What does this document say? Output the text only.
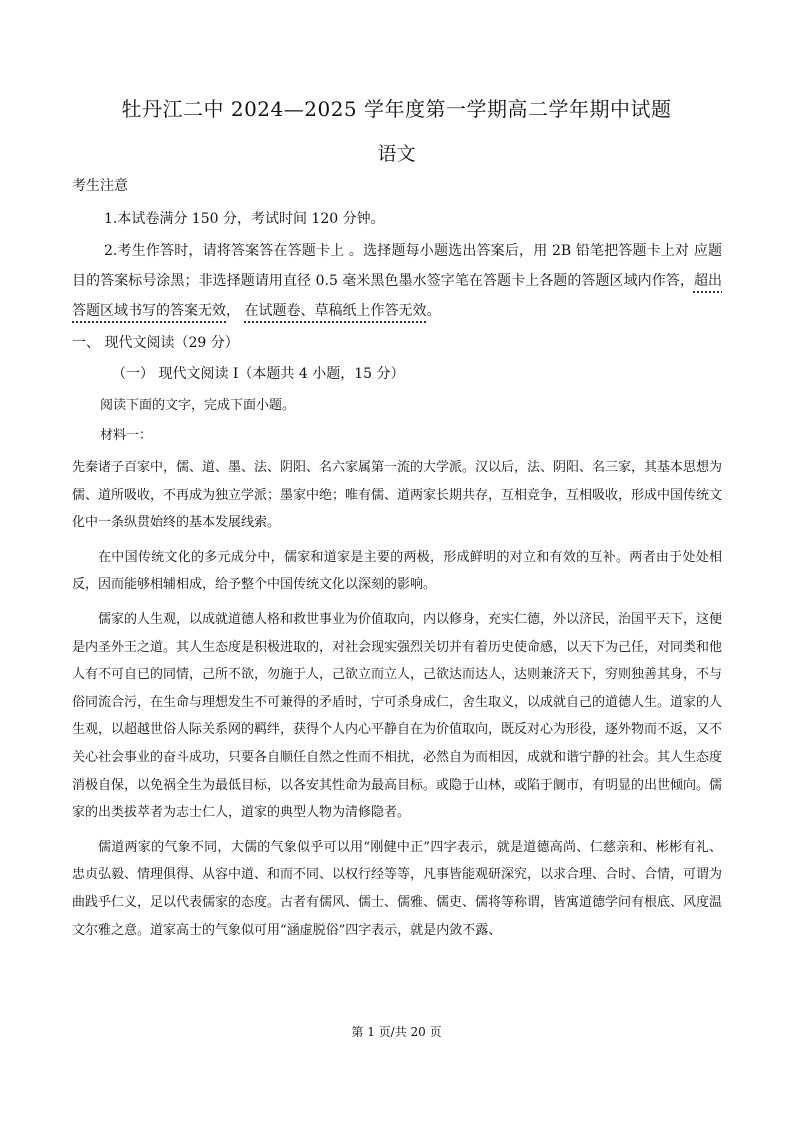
牡丹江二中 2024—2025 学年度第一学期高二学年期中试题
语文
考生注意
1.本试卷满分 150 分，考试时间 120 分钟。
2.考生作答时，请将答案答在答题卡上 。选择题每小题选出答案后，用 2B 铅笔把答题卡上对 应题目的答案标号涂黑；非选择题请用直径 0.5 毫米黑色墨水签字笔在答题卡上各题的答题区域内作答，超出答题区域书写的答案无效， 在试题卷、草稿纸上作答无效。
一、 现代文阅读（29 分）
（一） 现代文阅读 I（本题共 4 小题，15 分）
阅读下面的文字，完成下面小题。
材料一：

先秦诸子百家中，儒、道、墨、法、阴阳、名六家属第一流的大学派。汉以后，法、阴阳、名三家，其基本思想为儒、道所吸收，不再成为独立学派；墨家中绝；唯有儒、道两家长期共存，互相竞争，互相吸收，形成中国传统文化中一条纵贯始终的基本发展线索。

在中国传统文化的多元成分中，儒家和道家是主要的两极，形成鲜明的对立和有效的互补。两者由于处处相反，因而能够相辅相成，给予整个中国传统文化以深刻的影响。

儒家的人生观，以成就道德人格和救世事业为价值取向，内以修身，充实仁德，外以济民，治国平天下，这便是内圣外王之道。其人生态度是积极进取的，对社会现实强烈关切并有着历史使命感，以天下为己任，对同类和他人有不可自已的同情，己所不欲，勿施于人，己欲立而立人，己欲达而达人，达则兼济天下，穷则独善其身，不与俗同流合污，在生命与理想发生不可兼得的矛盾时，宁可杀身成仁，舍生取义，以成就自己的道德人生。道家的人生观，以超越世俗人际关系网的羁绊，获得个人内心平静自在为价值取向，既反对心为形役，逐外物而不返，又不关心社会事业的奋斗成功，只要各自顺任自然之性而不相扰，必然自为而相因，成就和谐宁静的社会。其人生态度消极自保，以免祸全生为最低目标，以各安其性命为最高目标。或隐于山林，或陷于阛市，有明显的出世倾向。儒家的出类拔萃者为志士仁人，道家的典型人物为清修隐者。

儒道两家的气象不同，大儒的气象似乎可以用“刚健中正”四字表示，就是道德高尚、仁慈亲和、彬彬有礼、忠贞弘毅、情理俱得、从容中道、和而不同、以权行经等等，凡事皆能观研深究，以求合理、合时、合情，可谓为曲践乎仁义，足以代表儒家的态度。古者有儒风、儒士、儒雅、儒吏、儒将等称谓，皆寓道德学问有根底、风度温文尔雅之意。道家高士的气象似可用“涵虚脱俗”四字表示，就是内敛不露、

第 1 页/共 20 页
